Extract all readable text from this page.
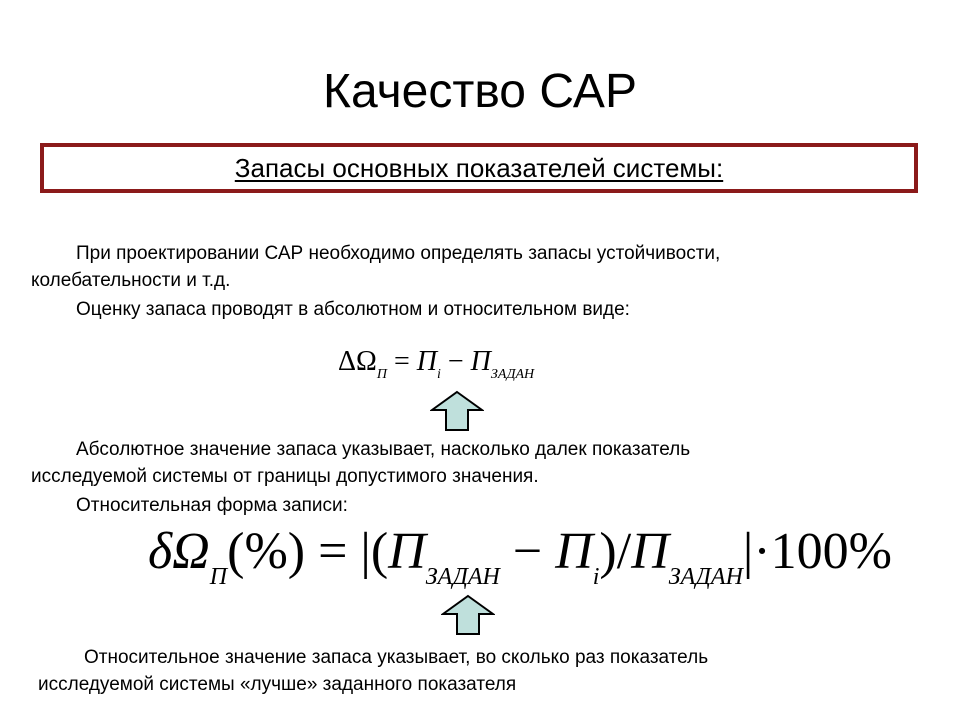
Качество САР
Запасы основных показателей системы:

При проектировании САР необходимо определять запасы устойчивости,

колебательности и т.д.

Оценку запаса проводят в абсолютном и относительном виде:

$\Delta\Omega_П = П_i - П_{ЗАДАН}$

Абсолютное значение запаса указывает, насколько далек показатель

исследуемой системы от границы допустимого значения.

Относительная форма записи:

$\delta\Omega_П(\%) = |(П_{ЗАДАН} - П_i)/П_{ЗАДАН}|\cdot 100\%$

Относительное значение запаса указывает, во сколько раз показатель

исследуемой системы «лучше» заданного показателя
